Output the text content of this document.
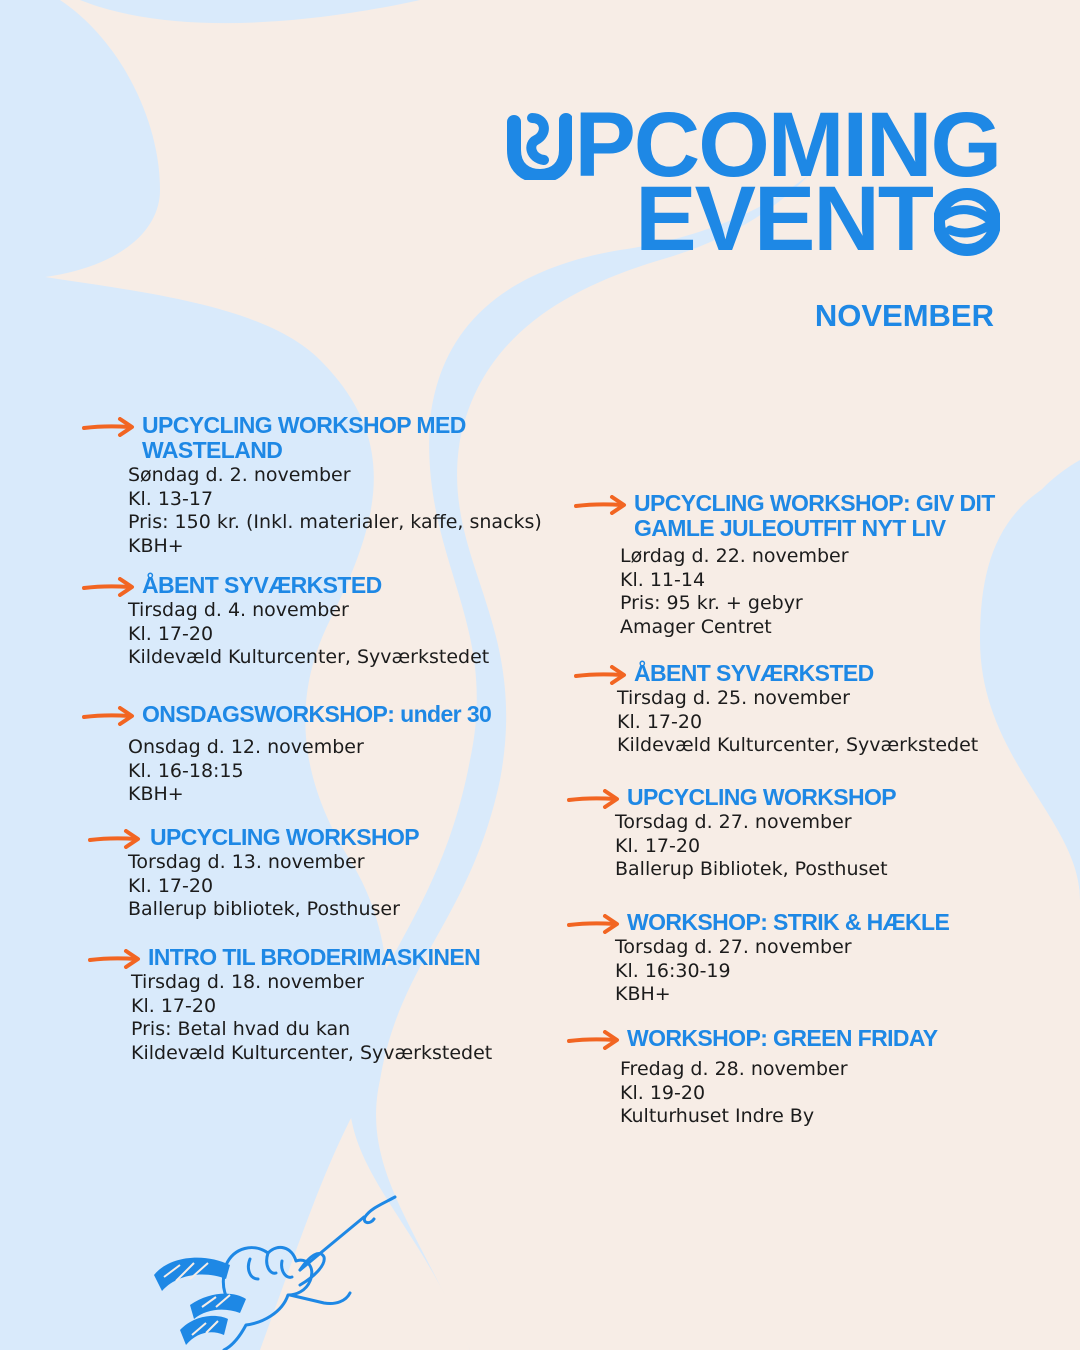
PCOMING
EVENT
NOVEMBER
UPCYCLING WORKSHOP MED WASTELAND
Søndag d. 2. november
Kl. 13-17
Pris: 150 kr. (Inkl. materialer, kaffe, snacks)
KBH+
ÅBENT SYVÆRKSTED
Tirsdag d. 4. november
Kl. 17-20
Kildevæld Kulturcenter, Syværkstedet
ONSDAGSWORKSHOP: under 30
Onsdag d. 12. november
Kl. 16-18:15
KBH+
UPCYCLING WORKSHOP
Torsdag d. 13. november
Kl. 17-20
Ballerup bibliotek, Posthuser
INTRO TIL BRODERIMASKINEN
Tirsdag d. 18. november
Kl. 17-20
Pris: Betal hvad du kan
Kildevæld Kulturcenter, Syværkstedet
UPCYCLING WORKSHOP: GIV DIT GAMLE JULEOUTFIT NYT LIV
Lørdag d. 22. november
Kl. 11-14
Pris: 95 kr. + gebyr
Amager Centret
ÅBENT SYVÆRKSTED
Tirsdag d. 25. november
Kl. 17-20
Kildevæld Kulturcenter, Syværkstedet
UPCYCLING WORKSHOP
Torsdag d. 27. november
Kl. 17-20
Ballerup Bibliotek, Posthuset
WORKSHOP: STRIK & HÆKLE
Torsdag d. 27. november
Kl. 16:30-19
KBH+
WORKSHOP: GREEN FRIDAY
Fredag d. 28. november
Kl. 19-20
Kulturhuset Indre By
